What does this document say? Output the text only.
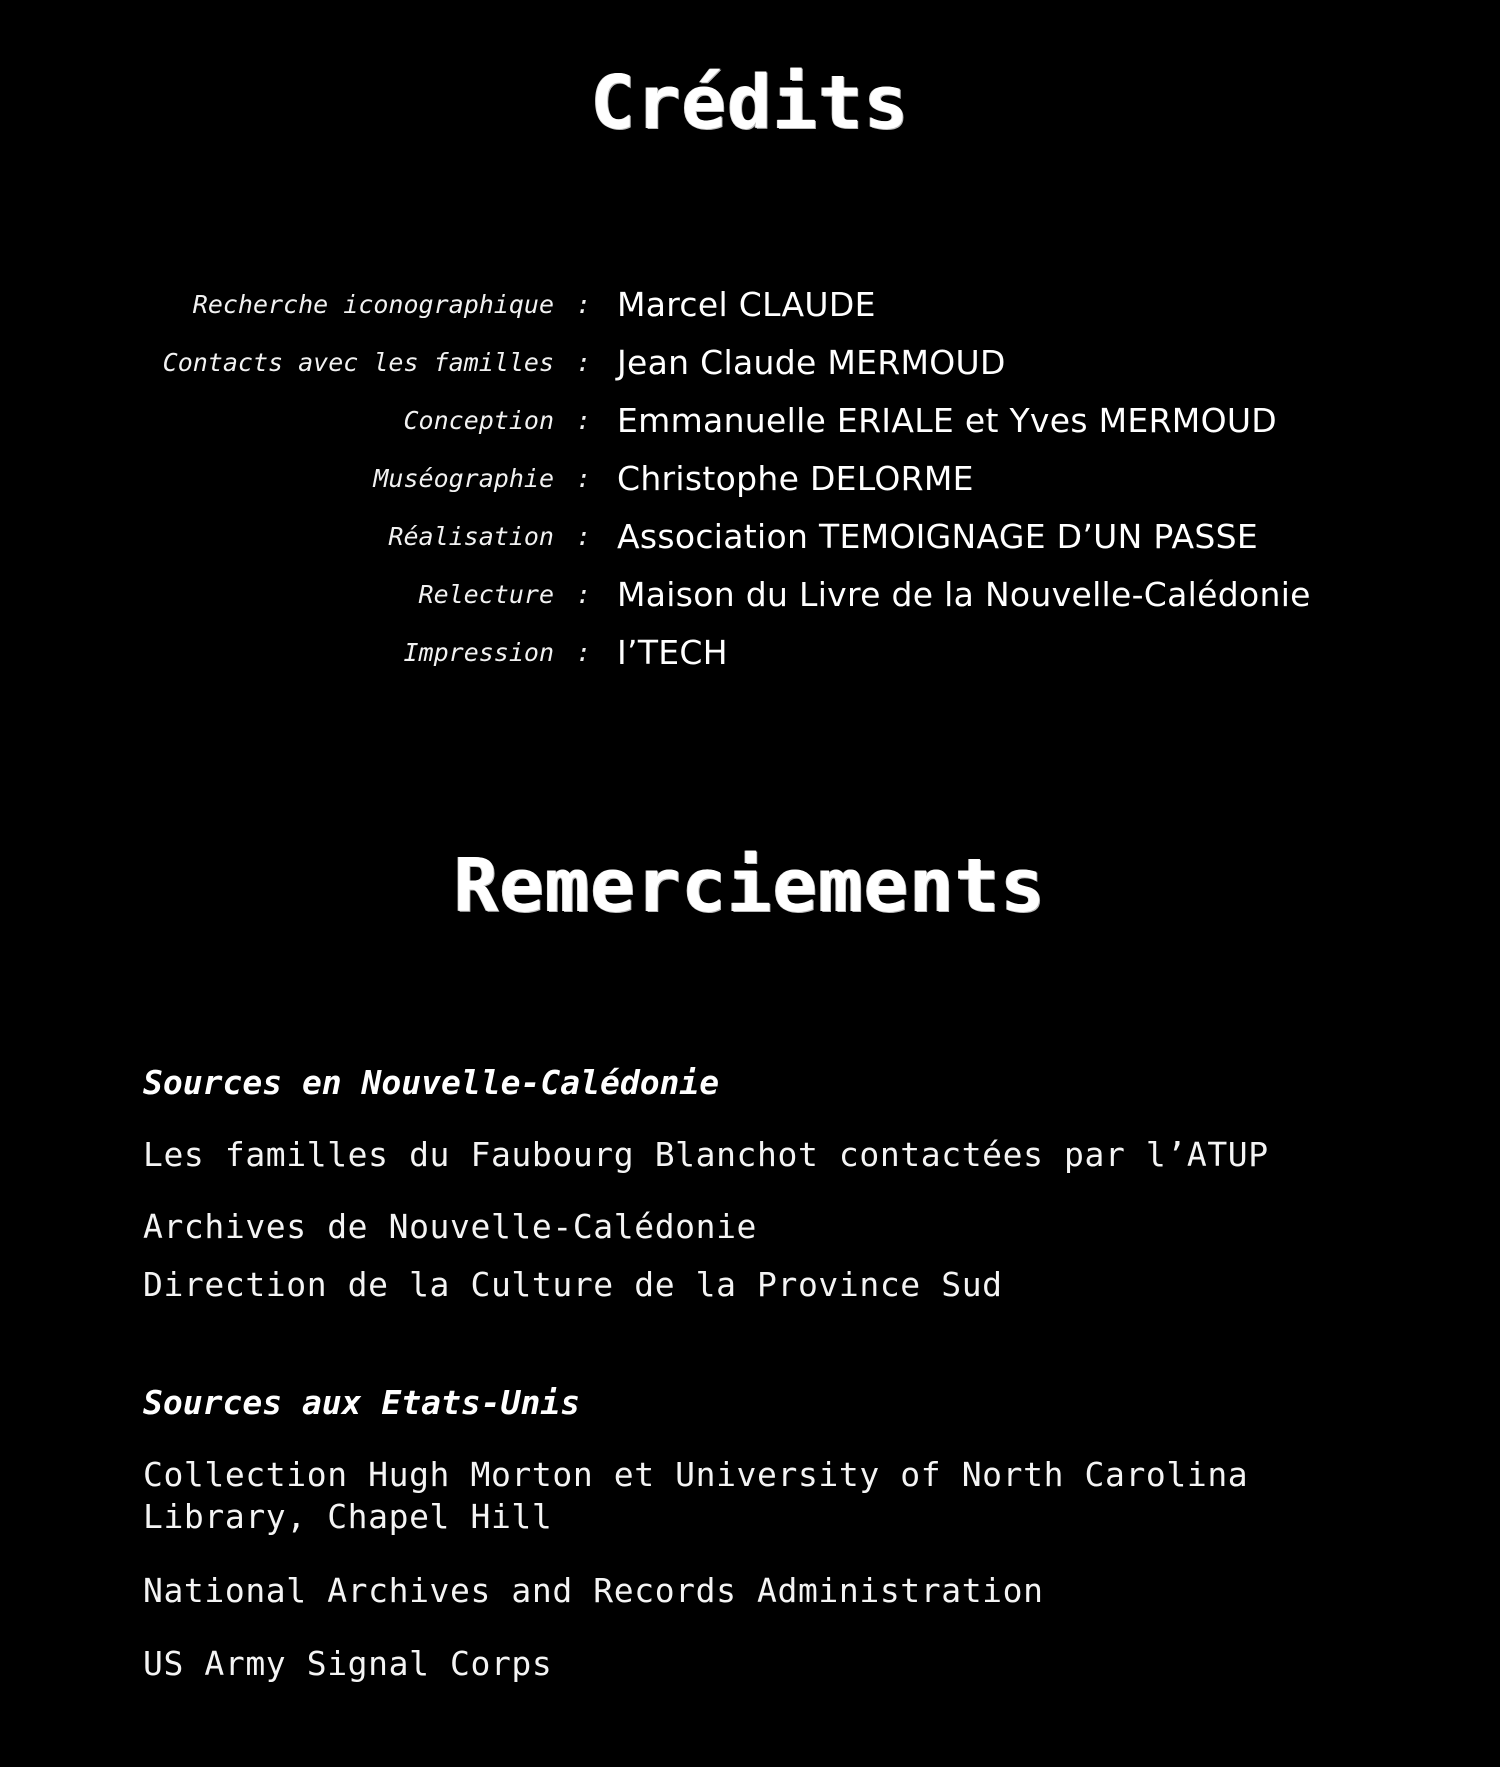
Crédits
Recherche iconographique : Marcel CLAUDE
Contacts avec les familles : Jean Claude MERMOUD
Conception : Emmanuelle ERIALE et Yves MERMOUD
Muséographie : Christophe DELORME
Réalisation : Association TEMOIGNAGE D’UN PASSE
Relecture : Maison du Livre de la Nouvelle-Calédonie
Impression : I’TECH
Remerciements
Sources en Nouvelle-Calédonie
Les familles du Faubourg Blanchot contactées par l’ATUP
Archives de Nouvelle-Calédonie
Direction de la Culture de la Province Sud
Sources aux Etats-Unis
Collection Hugh Morton et University of North Carolina Library, Chapel Hill
National Archives and Records Administration
US Army Signal Corps
